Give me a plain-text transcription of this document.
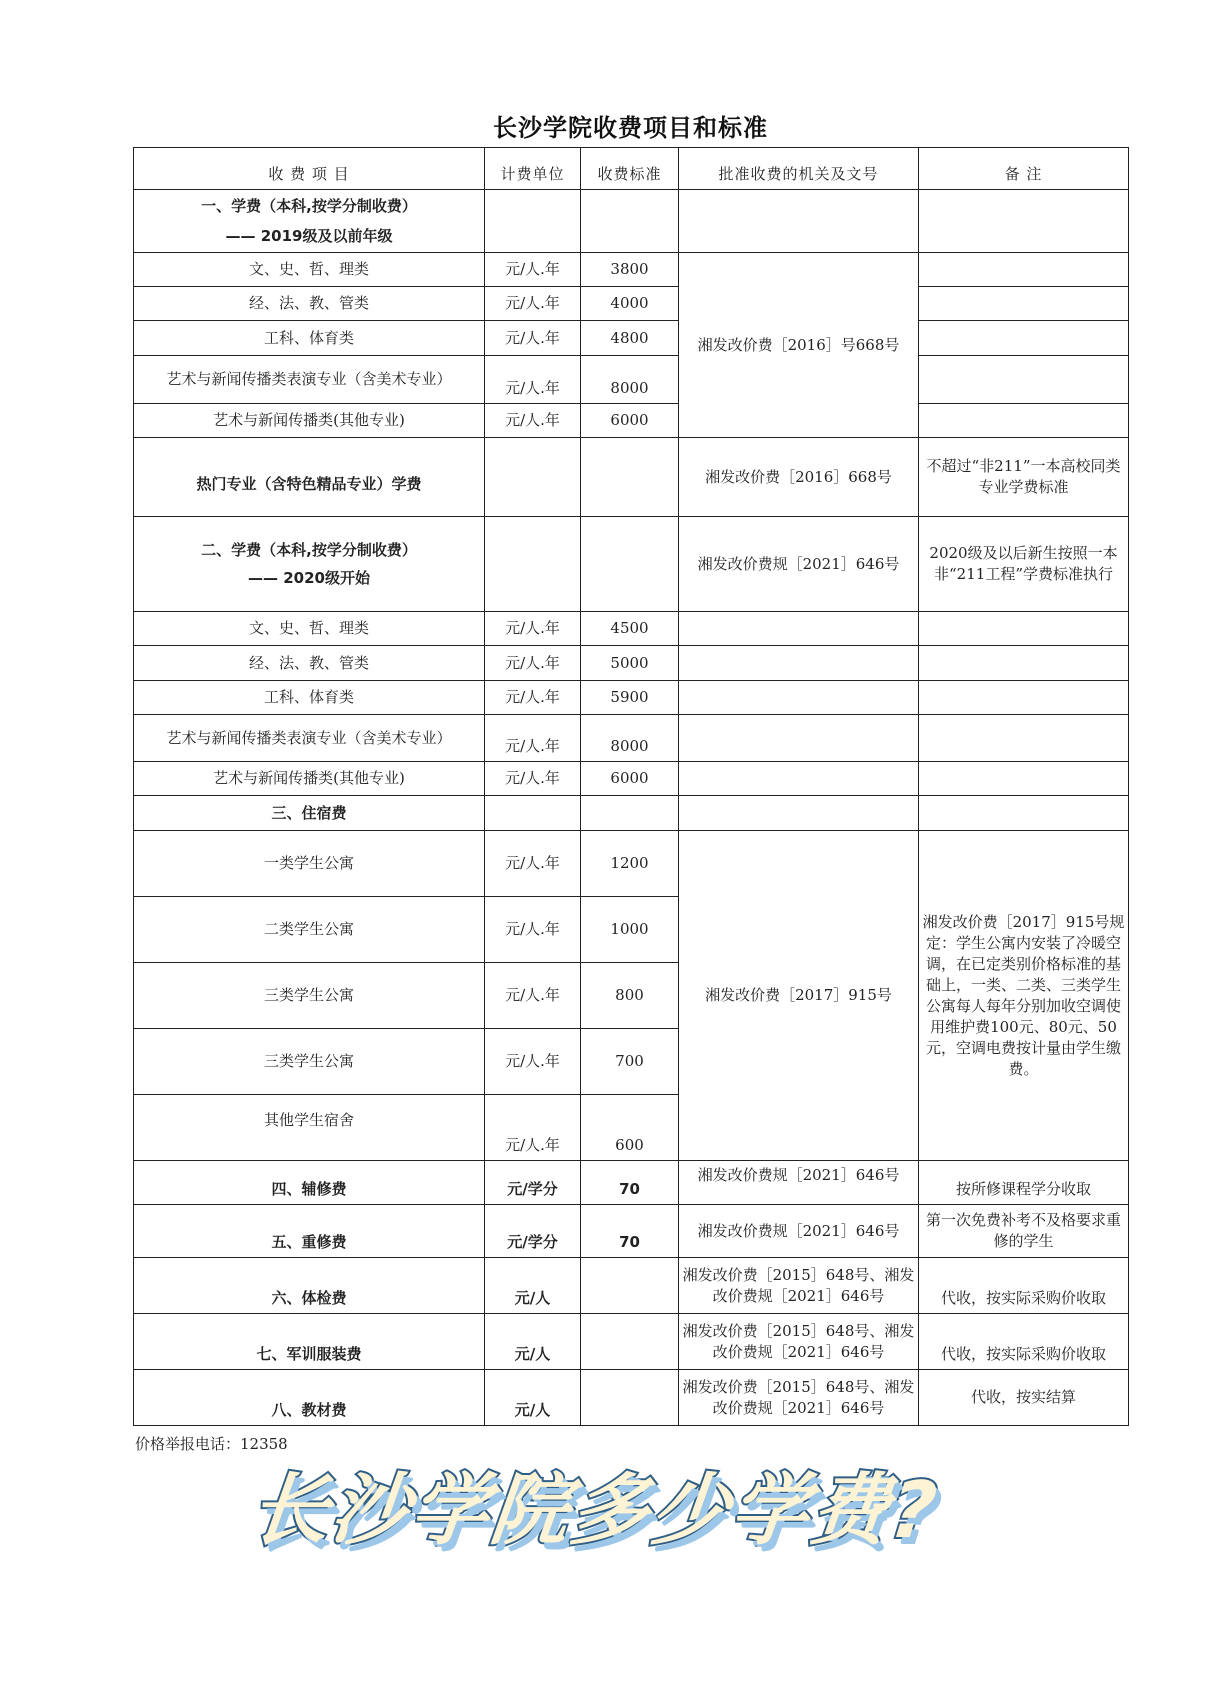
长沙学院收费项目和标准
收 费 项 目	计费单位	收费标准	批准收费的机关及文号	备 注

一、学费（本科,按学分制收费）
—— 2019级及以前年级				

文、史、哲、理类	元/人.年	3800	湘发改价费［2016］号668号	
经、法、教、管类	元/人.年	4000		
工科、体育类	元/人.年	4800		
艺术与新闻传播类表演专业（含美术专业）	元/人.年	8000		
艺术与新闻传播类(其他专业)	元/人.年	6000		
热门专业（含特色精品专业）学费			湘发改价费［2016］668号	不超过“非211”一本高校同类专业学费标准

二、学费（本科,按学分制收费）
—— 2020级开始			湘发改价费规［2021］646号	2020级及以后新生按照一本非“211工程”学费标准执行
文、史、哲、理类	元/人.年	4500		
经、法、教、管类	元/人.年	5000		
工科、体育类	元/人.年	5900		
艺术与新闻传播类表演专业（含美术专业）	元/人.年	8000		
艺术与新闻传播类(其他专业)	元/人.年	6000		
三、住宿费				
一类学生公寓	元/人.年	1200	湘发改价费［2017］915号	湘发改价费［2017］915号规定：学生公寓内安装了冷暖空调，在已定类别价格标准的基础上，一类、二类、三类学生公寓每人每年分别加收空调使用维护费100元、80元、50元，空调电费按计量由学生缴费。
二类学生公寓	元/人.年	1000		
三类学生公寓	元/人.年	800		
三类学生公寓	元/人.年	700		
其他学生宿舍	元/人.年	600		
四、辅修费	元/学分	70	湘发改价费规［2021］646号	按所修课程学分收取
五、重修费	元/学分	70	湘发改价费规［2021］646号	第一次免费补考不及格要求重修的学生
六、体检费	元/人		湘发改价费［2015］648号、湘发改价费规［2021］646号	代收，按实际采购价收取
七、军训服装费	元/人		湘发改价费［2015］648号、湘发改价费规［2021］646号	代收，按实际采购价收取
八、教材费	元/人		湘发改价费［2015］648号、湘发改价费规［2021］646号	代收，按实结算
价格举报电话：12358
长沙学院多少学费?
